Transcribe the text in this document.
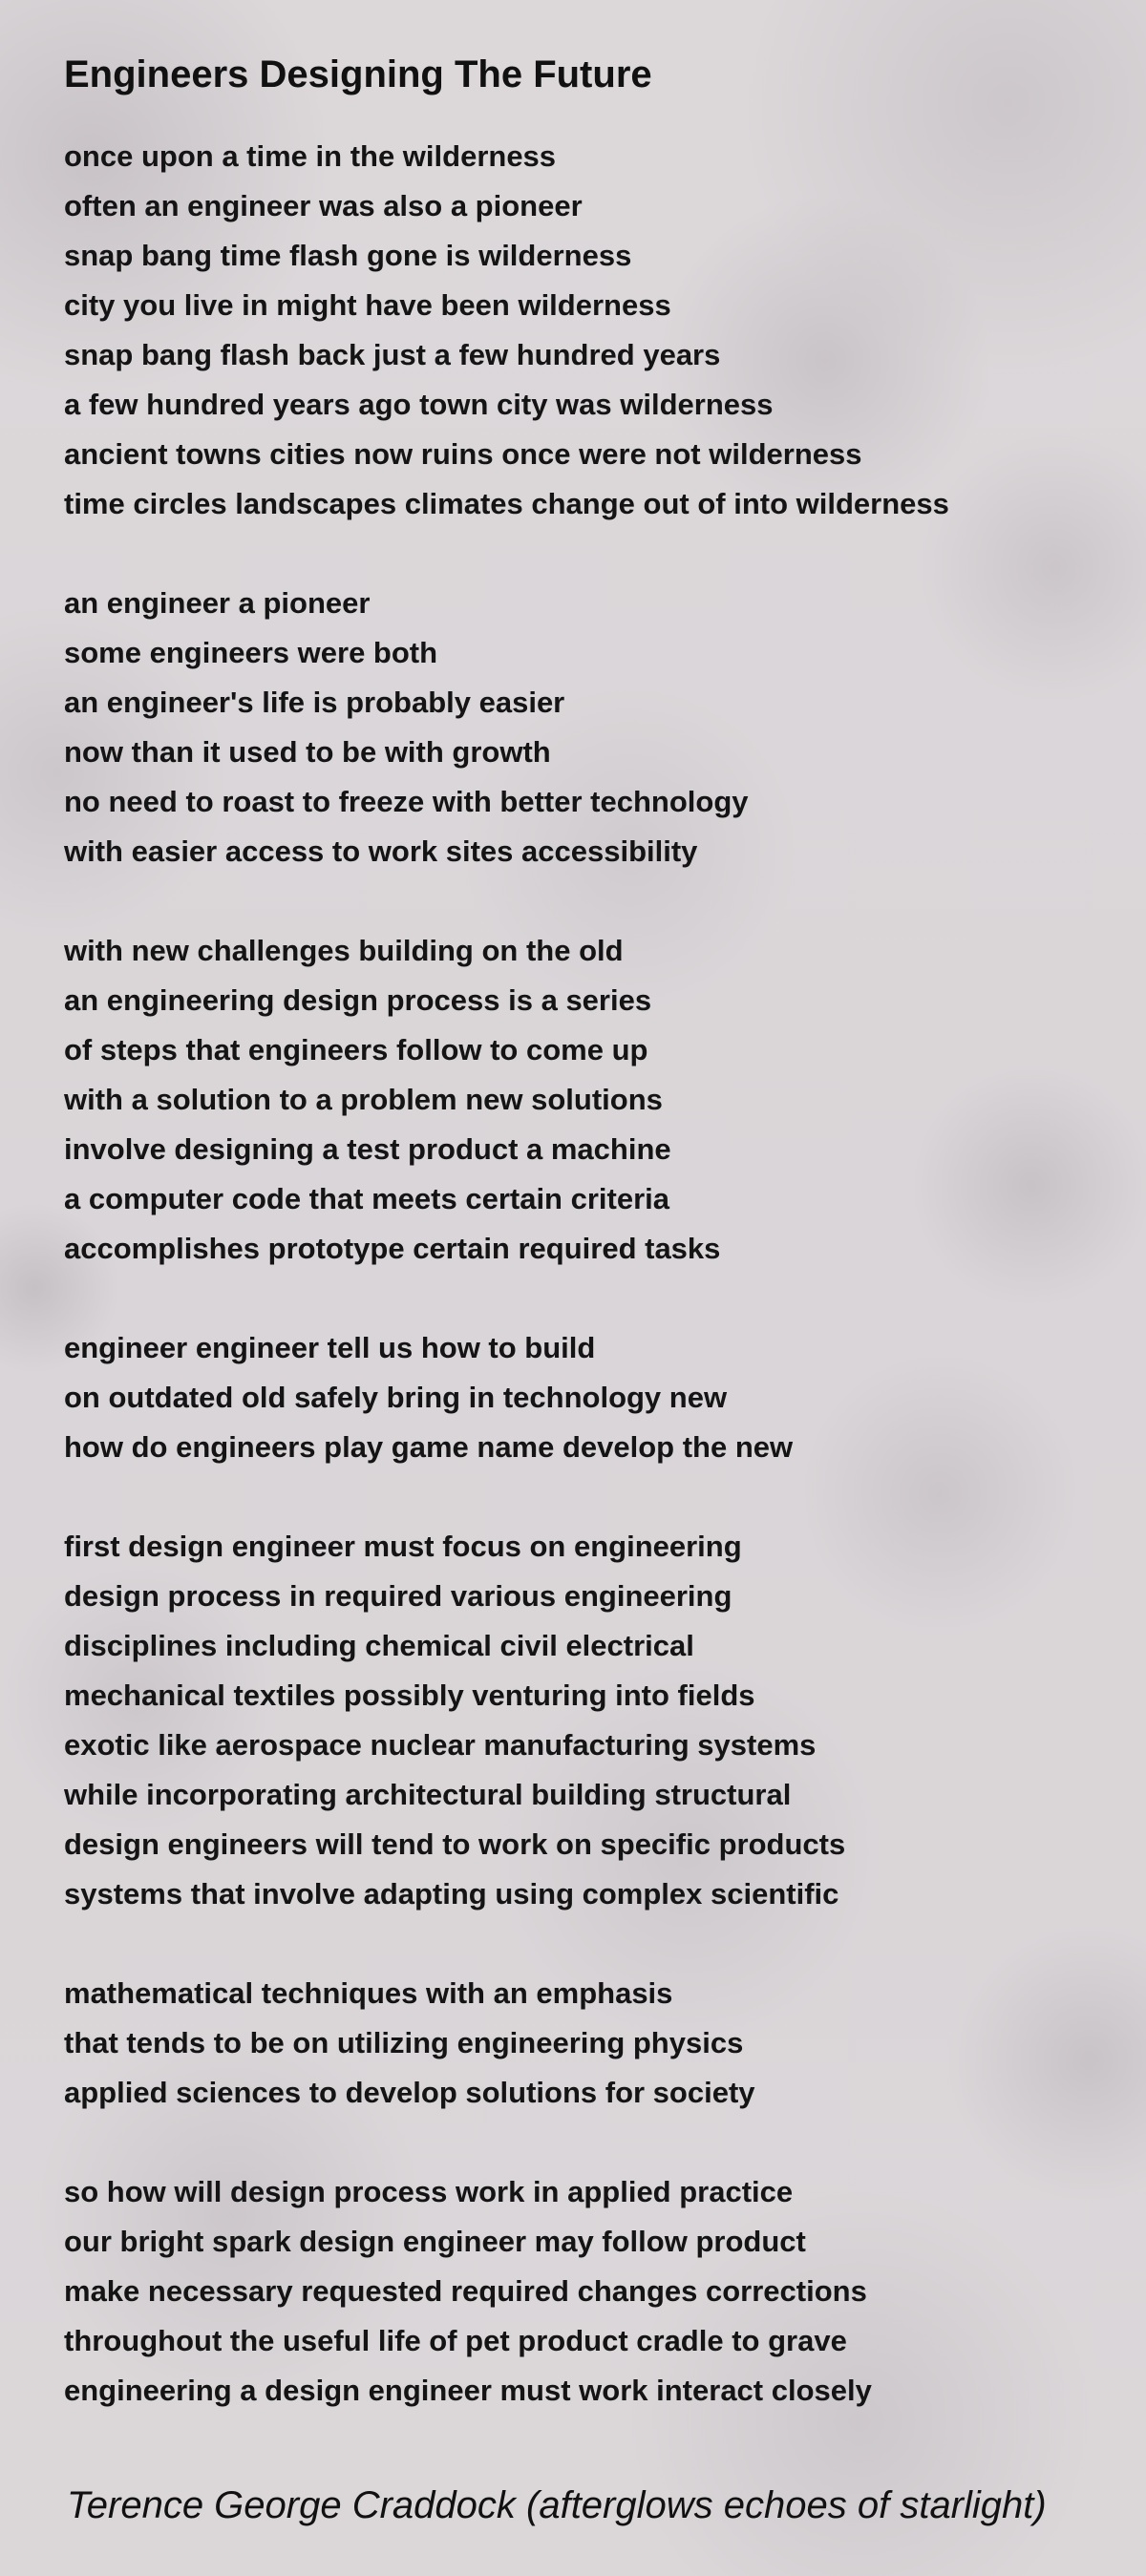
Engineers Designing The Future
once upon a time in the wilderness
often an engineer was also a pioneer
snap bang time flash gone is wilderness
city you live in might have been wilderness
snap bang flash back just a few hundred years
a few hundred years ago town city was wilderness
ancient towns cities now ruins once were not wilderness
time circles landscapes climates change out of into wilderness
an engineer a pioneer
some engineers were both
an engineer's life is probably easier
now than it used to be with growth
no need to roast to freeze with better technology
with easier access to work sites accessibility
with new challenges building on the old
an engineering design process is a series
of steps that engineers follow to come up
with a solution to a problem new solutions
involve designing a test product a machine
a computer code that meets certain criteria
accomplishes prototype certain required tasks
engineer engineer tell us how to build
on outdated old safely bring in technology new
how do engineers play game name develop the new
first design engineer must focus on engineering
design process in required various engineering
disciplines including chemical civil electrical
mechanical textiles possibly venturing into fields
exotic like aerospace nuclear manufacturing systems
while incorporating architectural building structural
design engineers will tend to work on specific products
systems that involve adapting using complex scientific
mathematical techniques with an emphasis
that tends to be on utilizing engineering physics
applied sciences to develop solutions for society
so how will design process work in applied practice
our bright spark design engineer may follow product
make necessary requested required changes corrections
throughout the useful life of pet product cradle to grave
engineering a design engineer must work interact closely
Terence George Craddock (afterglows echoes of starlight)
